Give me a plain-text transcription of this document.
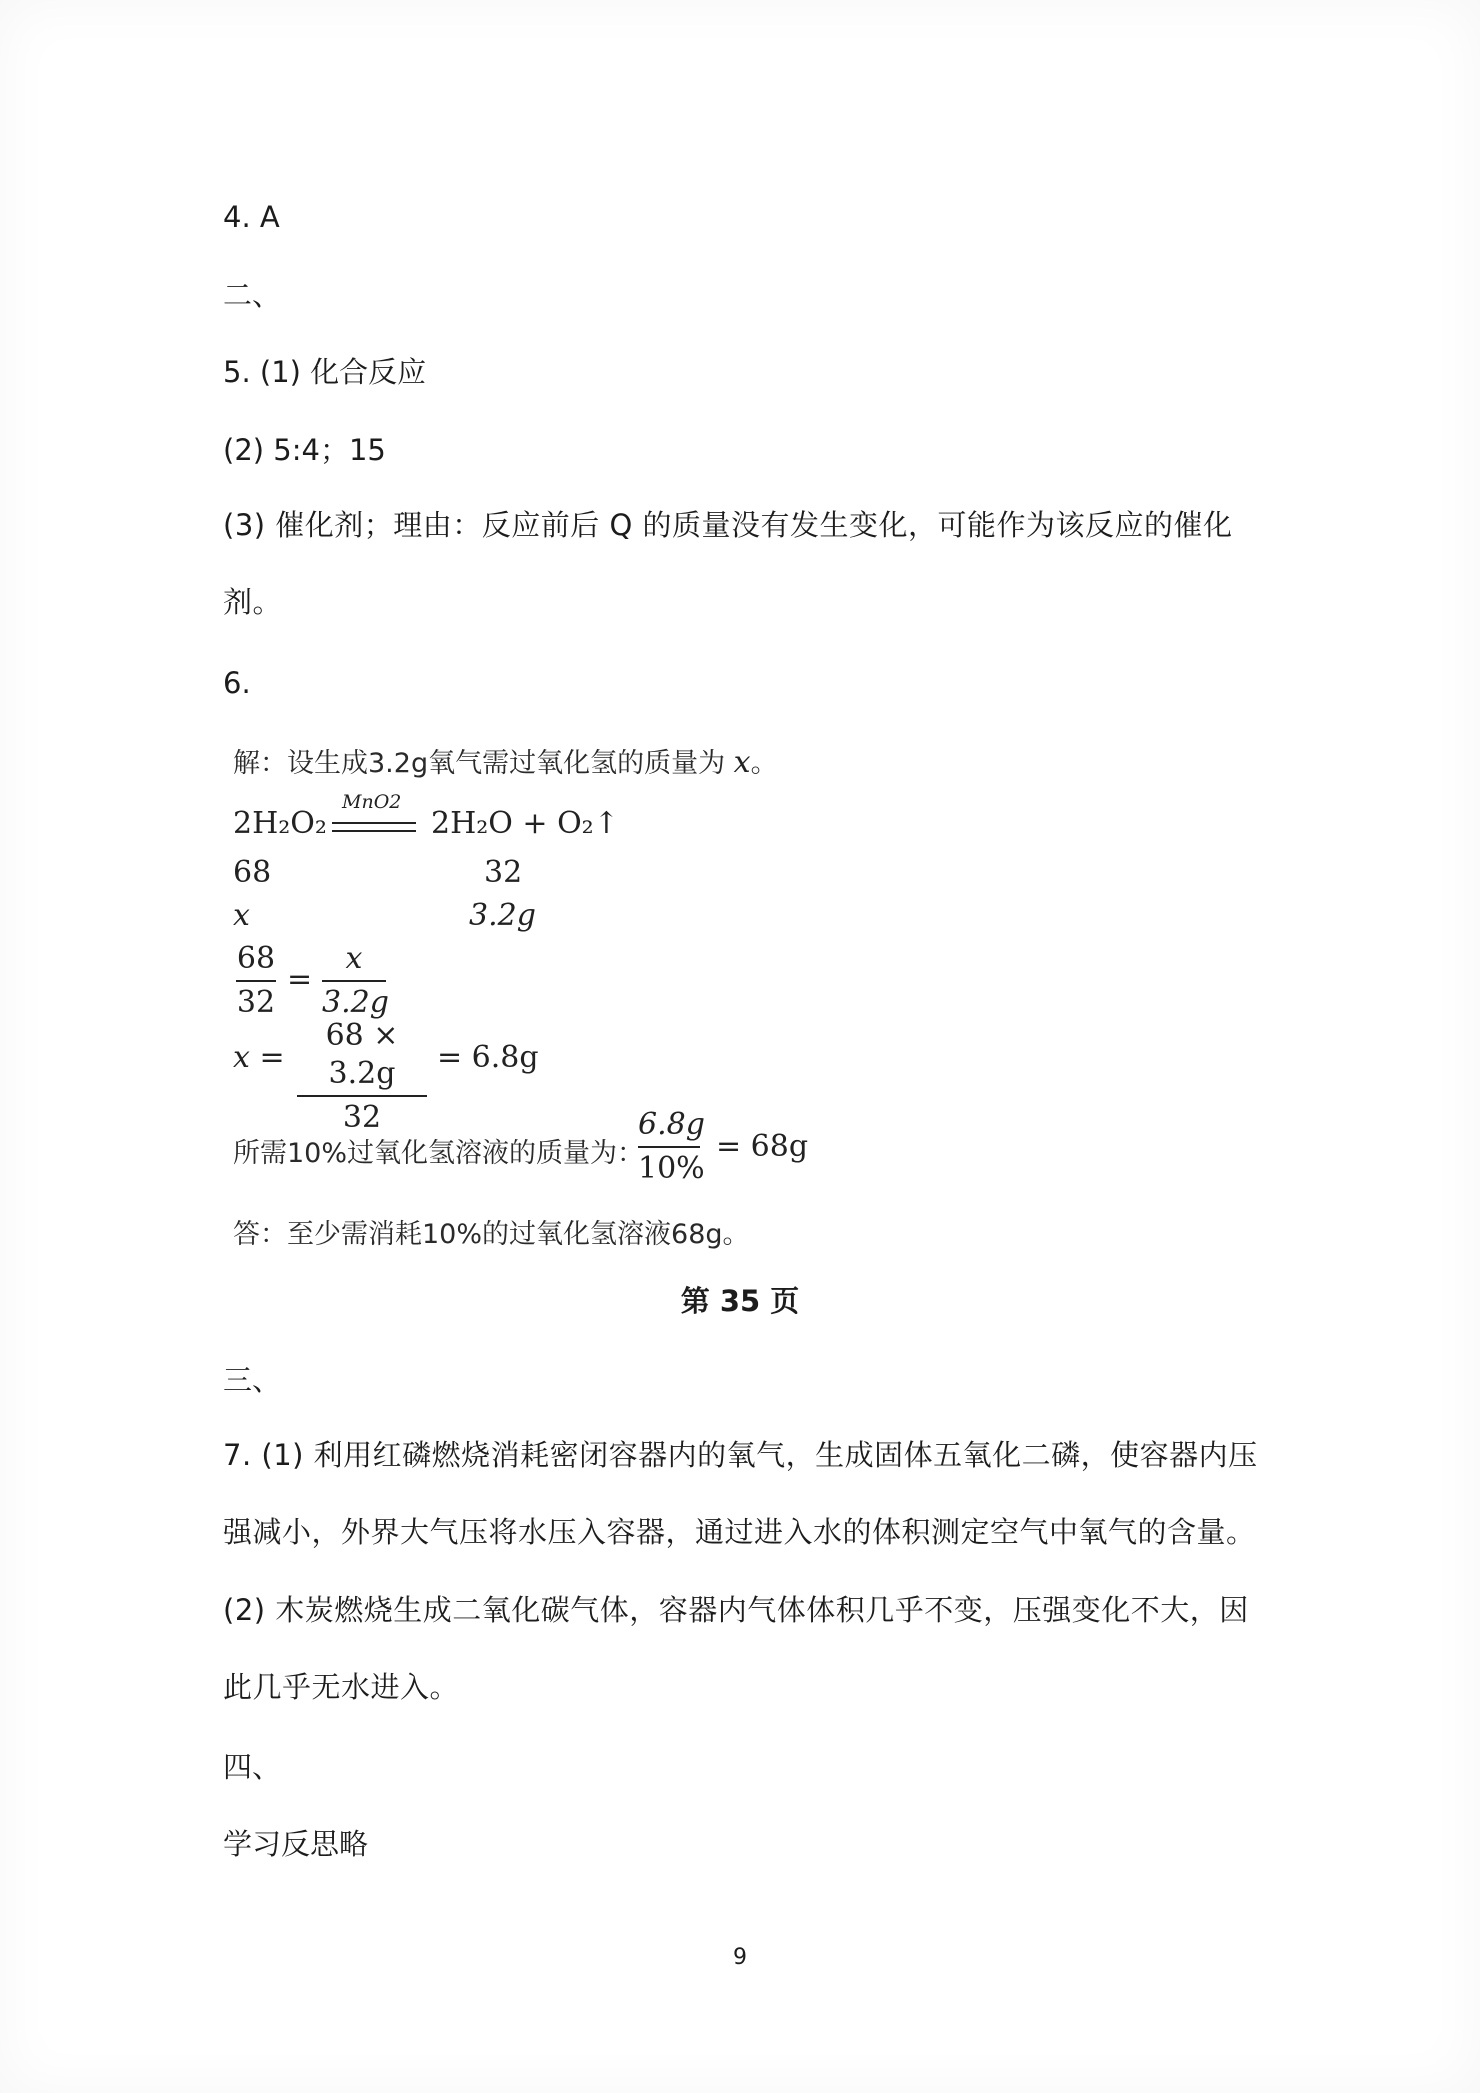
4. A
二、
5. (1) 化合反应
(2) 5:4；15
(3) 催化剂；理由：反应前后 Q 的质量没有发生变化，可能作为该反应的催化剂。
6.
解：设生成3.2g氧气需过氧化氢的质量为 x。
2H₂O₂
MnO2
2H₂O + O₂↑
68	32
x	3.2g
68
32
=
x
3.2g
x =
68 × 3.2g
32
= 6.8g
所需10%过氧化氢溶液的质量为：
6.8g
10%
= 68g
答：至少需消耗10%的过氧化氢溶液68g。
第 35 页
三、
7. (1) 利用红磷燃烧消耗密闭容器内的氧气，生成固体五氧化二磷，使容器内压强减小，外界大气压将水压入容器，通过进入水的体积测定空气中氧气的含量。
(2) 木炭燃烧生成二氧化碳气体，容器内气体体积几乎不变，压强变化不大，因此几乎无水进入。
四、
学习反思略
9
